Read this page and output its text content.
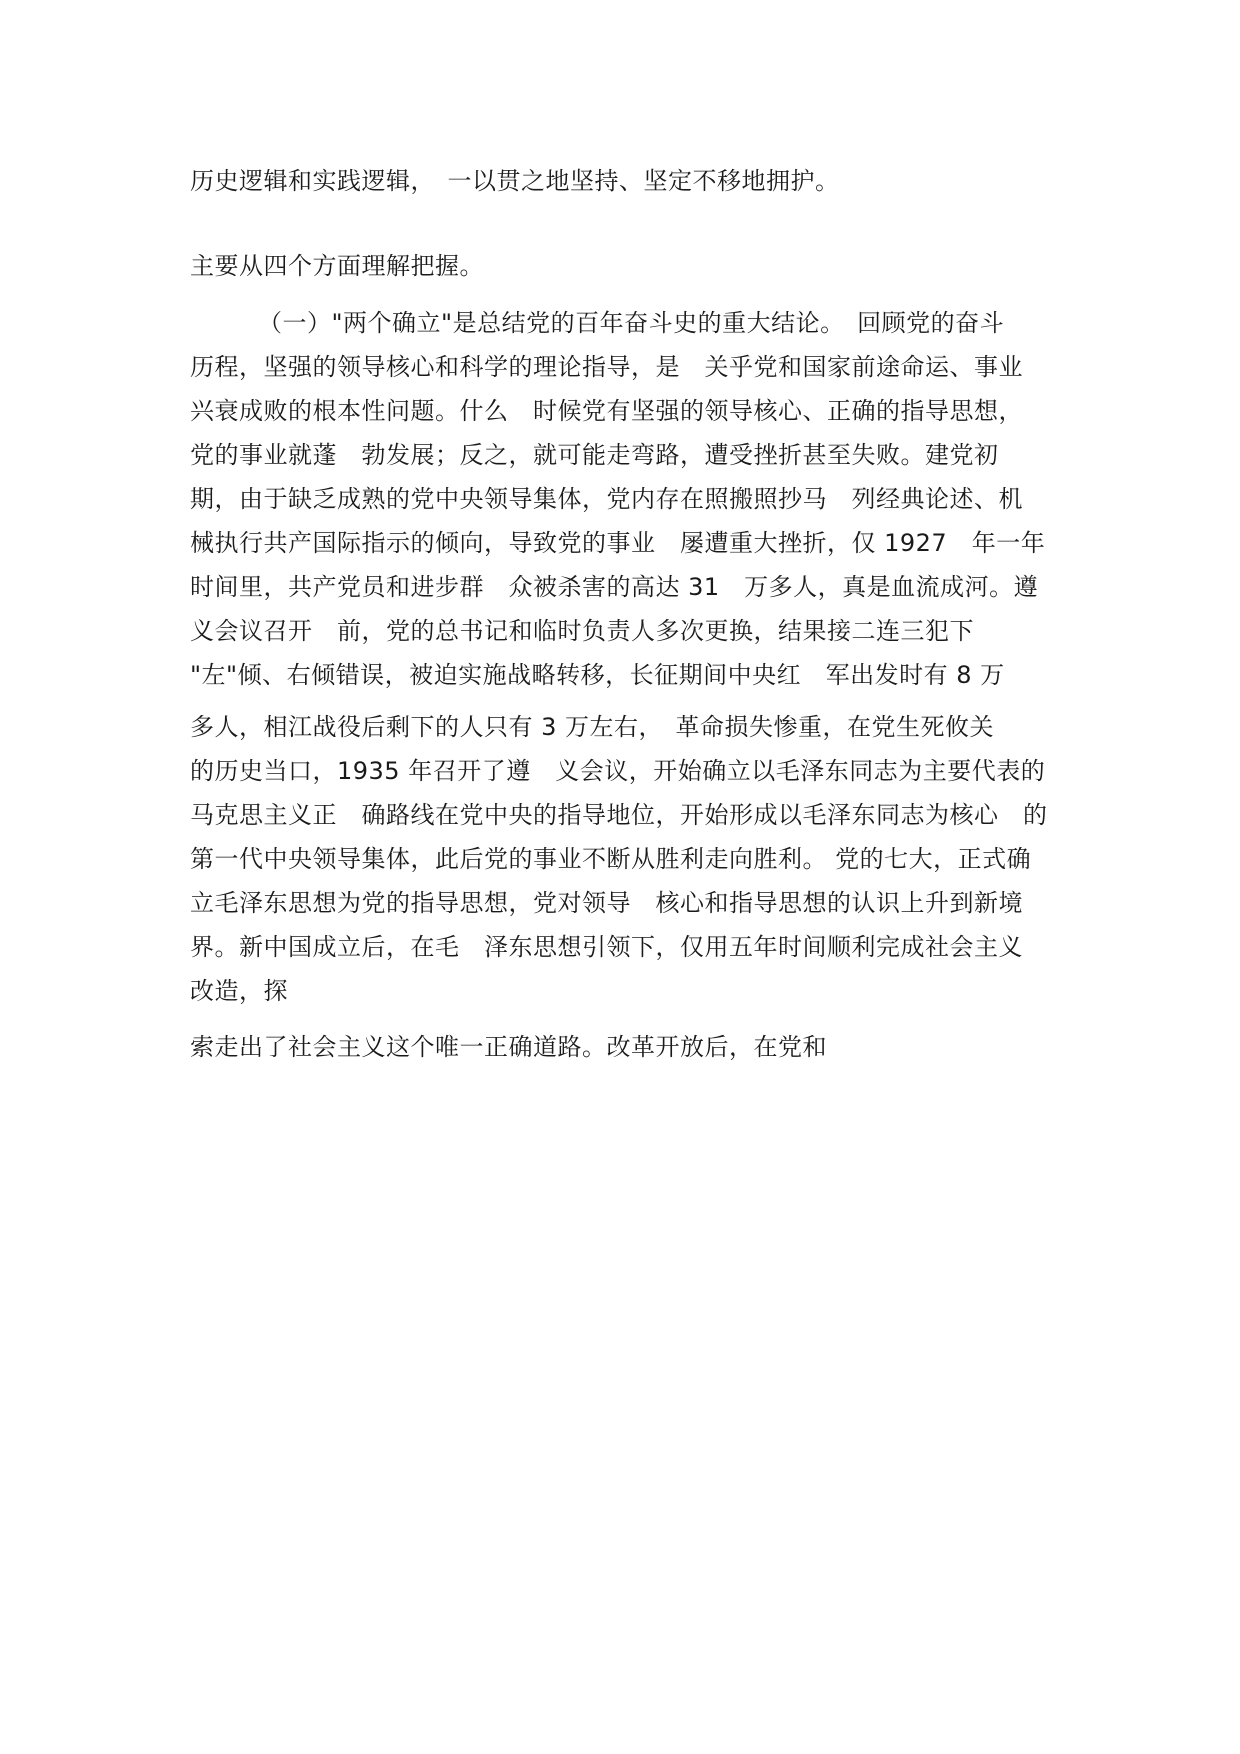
历史逻辑和实践逻辑，　一以贯之地坚持、坚定不移地拥护。
主要从四个方面理解把握。
（一）"两个确立"是总结党的百年奋斗史的重大结论。　回顾党的奋斗
历程，坚强的领导核心和科学的理论指导，是　关乎党和国家前途命运、事业
兴衰成败的根本性问题。什么　时候党有坚强的领导核心、正确的指导思想，
党的事业就蓬　勃发展；反之，就可能走弯路，遭受挫折甚至失败。建党初
期，由于缺乏成熟的党中央领导集体，党内存在照搬照抄马　列经典论述、机
械执行共产国际指示的倾向，导致党的事业　屡遭重大挫折，仅 1927　年一年
时间里，共产党员和进步群　众被杀害的高达 31　万多人，真是血流成河。遵
义会议召开　前，党的总书记和临时负责人多次更换，结果接二连三犯下
"左"倾、右倾错误，被迫实施战略转移，长征期间中央红　军出发时有 8 万
多人，相江战役后剩下的人只有 3 万左右，　革命损失惨重，在党生死攸关
的历史当口，1935 年召开了遵　义会议，开始确立以毛泽东同志为主要代表的
马克思主义正　确路线在党中央的指导地位，开始形成以毛泽东同志为核心　的
第一代中央领导集体，此后党的事业不断从胜利走向胜利。 党的七大，正式确
立毛泽东思想为党的指导思想，党对领导　核心和指导思想的认识上升到新境
界。新中国成立后，在毛　泽东思想引领下，仅用五年时间顺利完成社会主义
改造，探
索走出了社会主义这个唯一正确道路。改革开放后，在党和
